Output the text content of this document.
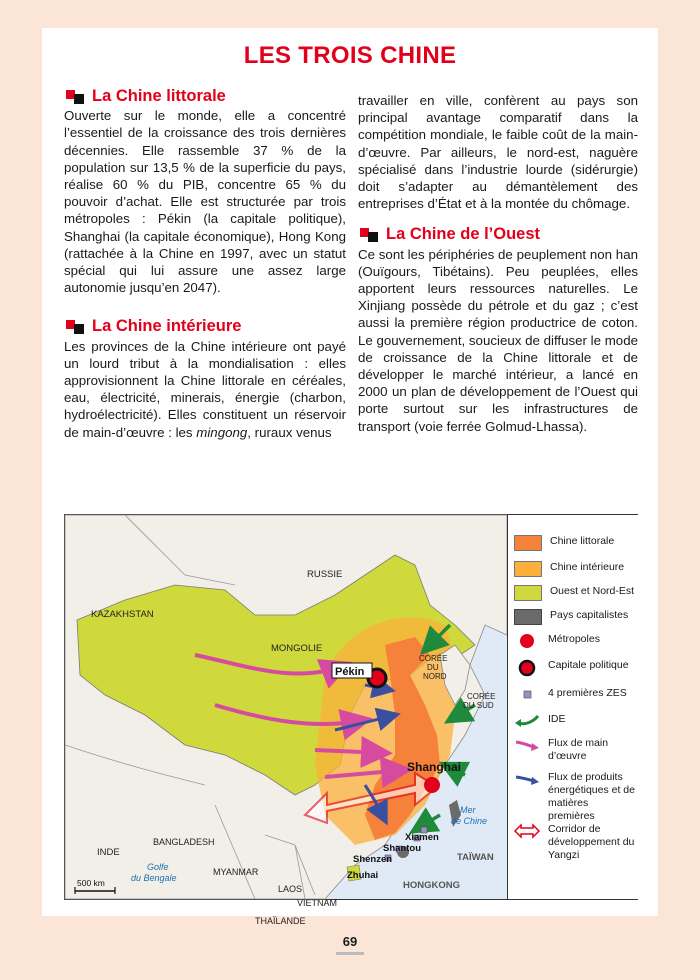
LES TROIS CHINE
La Chine littorale

Ouverte sur le monde, elle a concentré l’essentiel de la croissance des trois dernières décennies. Elle rassemble 37 % de la population sur 13,5 % de la superficie du pays, réalise 60 % du PIB, concentre 65 % du pouvoir d’achat. Elle est structurée par trois métropoles : Pékin (la capitale politique), Shanghai (la capitale économique), Hong Kong (rattachée à la Chine en 1997, avec un statut spécial qui lui assure une assez large autonomie jusqu’en 2047).

La Chine intérieure

Les provinces de la Chine intérieure ont payé un lourd tribut à la mondialisation : elles approvisionnent la Chine littorale en céréales, eau, électricité, minerais, énergie (charbon, hydroélectricité). Elles constituent un réservoir de main-d’œuvre : les mingong, ruraux venus

travailler en ville, confèrent au pays son principal avantage comparatif dans la compétition mondiale, le faible coût de la main-d’œuvre. Par ailleurs, le nord-est, naguère spécialisé dans l’industrie lourde (sidérurgie) doit s’adapter au démantèlement des entreprises d’État et à la montée du chômage.

La Chine de l’Ouest

Ce sont les périphéries de peuplement non han (Ouïgours, Tibétains). Peu peuplées, elles apportent leurs ressources naturelles. Le Xinjiang possède du pétrole et du gaz ; c’est aussi la première région productrice de coton. Le gouvernement, soucieux de diffuser le mode de croissance de la Chine littorale et de développer le marché intérieur, a lancé en 2000 un plan de développement de l’Ouest qui porte surtout sur les infrastructures de transport (voie ferrée Golmud-Lhassa).

RUSSIE
KAZAKHSTAN
MONGOLIE
Pékin
CORÉE
DU
NORD
CORÉE
DU SUD
Shanghai
Mer
de Chine
INDE
BANGLADESH
MYANMAR
Xiamen
Shantou
Shenzen
Zhuhai
TAÏWAN
HONGKONG
Golfe
du Bengale
LAOS
VIETNAM
THAÏLANDE
500 km
Chine littorale
Chine intérieure
Ouest et Nord-Est
Pays capitalistes
Métropoles
Capitale politique
4 premières ZES
IDE
Flux de main d’œuvre
Flux de produits énergétiques et de matières premières
Corridor de développement du Yangzi
69
